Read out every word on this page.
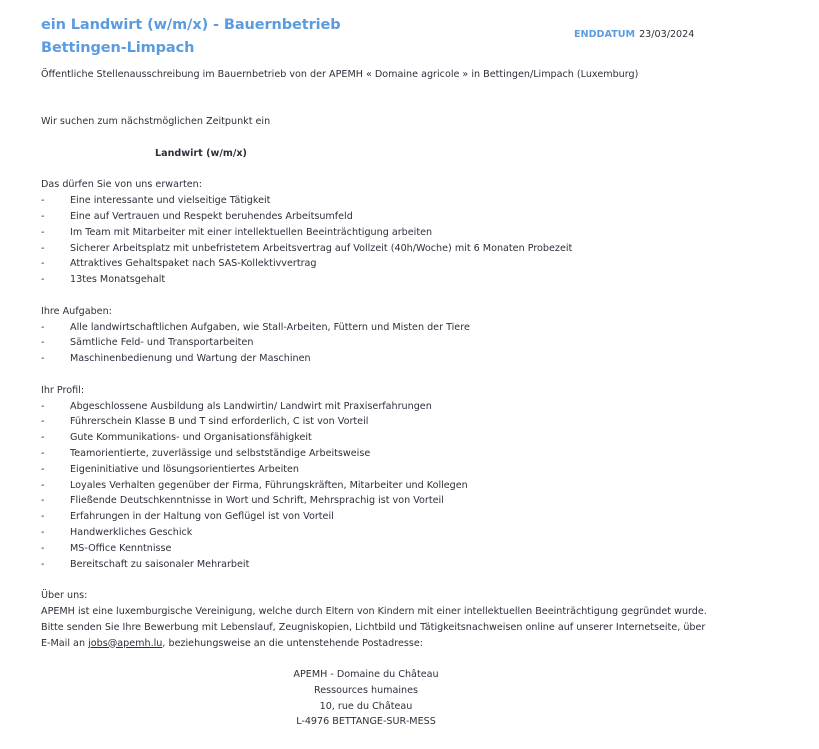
ein Landwirt (w/m/x) - Bauernbetrieb
Bettingen-Limpach
ENDDATUM 23/03/2024
Öffentliche Stellenausschreibung im Bauernbetrieb von der APEMH « Domaine agricole » in Bettingen/Limpach (Luxemburg)

Wir suchen zum nächstmöglichen Zeitpunkt ein

Landwirt (w/m/x)

Das dürfen Sie von uns erwarten:

-	Eine interessante und vielseitige Tätigkeit
-	Eine auf Vertrauen und Respekt beruhendes Arbeitsumfeld
-	Im Team mit Mitarbeiter mit einer intellektuellen Beeinträchtigung arbeiten
-	Sicherer Arbeitsplatz mit unbefristetem Arbeitsvertrag auf Vollzeit (40h/Woche) mit 6 Monaten Probezeit
-	Attraktives Gehaltspaket nach SAS-Kollektivvertrag
-	13tes Monatsgehalt

Ihre Aufgaben:

-	Alle landwirtschaftlichen Aufgaben, wie Stall-Arbeiten, Füttern und Misten der Tiere
-	Sämtliche Feld- und Transportarbeiten
-	Maschinenbedienung und Wartung der Maschinen

Ihr Profil:

-	Abgeschlossene Ausbildung als Landwirtin/ Landwirt mit Praxiserfahrungen
-	Führerschein Klasse B und T sind erforderlich, C ist von Vorteil
-	Gute Kommunikations- und Organisationsfähigkeit
-	Teamorientierte, zuverlässige und selbstständige Arbeitsweise
-	Eigeninitiative und lösungsorientiertes Arbeiten
-	Loyales Verhalten gegenüber der Firma, Führungskräften, Mitarbeiter und Kollegen
-	Fließende Deutschkenntnisse in Wort und Schrift, Mehrsprachig ist von Vorteil
-	Erfahrungen in der Haltung von Geflügel ist von Vorteil
-	Handwerkliches Geschick
-	MS-Office Kenntnisse
-	Bereitschaft zu saisonaler Mehrarbeit

Über uns:

APEMH ist eine luxemburgische Vereinigung, welche durch Eltern von Kindern mit einer intellektuellen Beeinträchtigung gegründet wurde.

Bitte senden Sie Ihre Bewerbung mit Lebenslauf, Zeugniskopien, Lichtbild und Tätigkeitsnachweisen online auf unserer Internetseite, über

E-Mail an jobs@apemh.lu, beziehungsweise an die untenstehende Postadresse:

APEMH - Domaine du Château

Ressources humaines

10, rue du Château

L-4976 BETTANGE-SUR-MESS
